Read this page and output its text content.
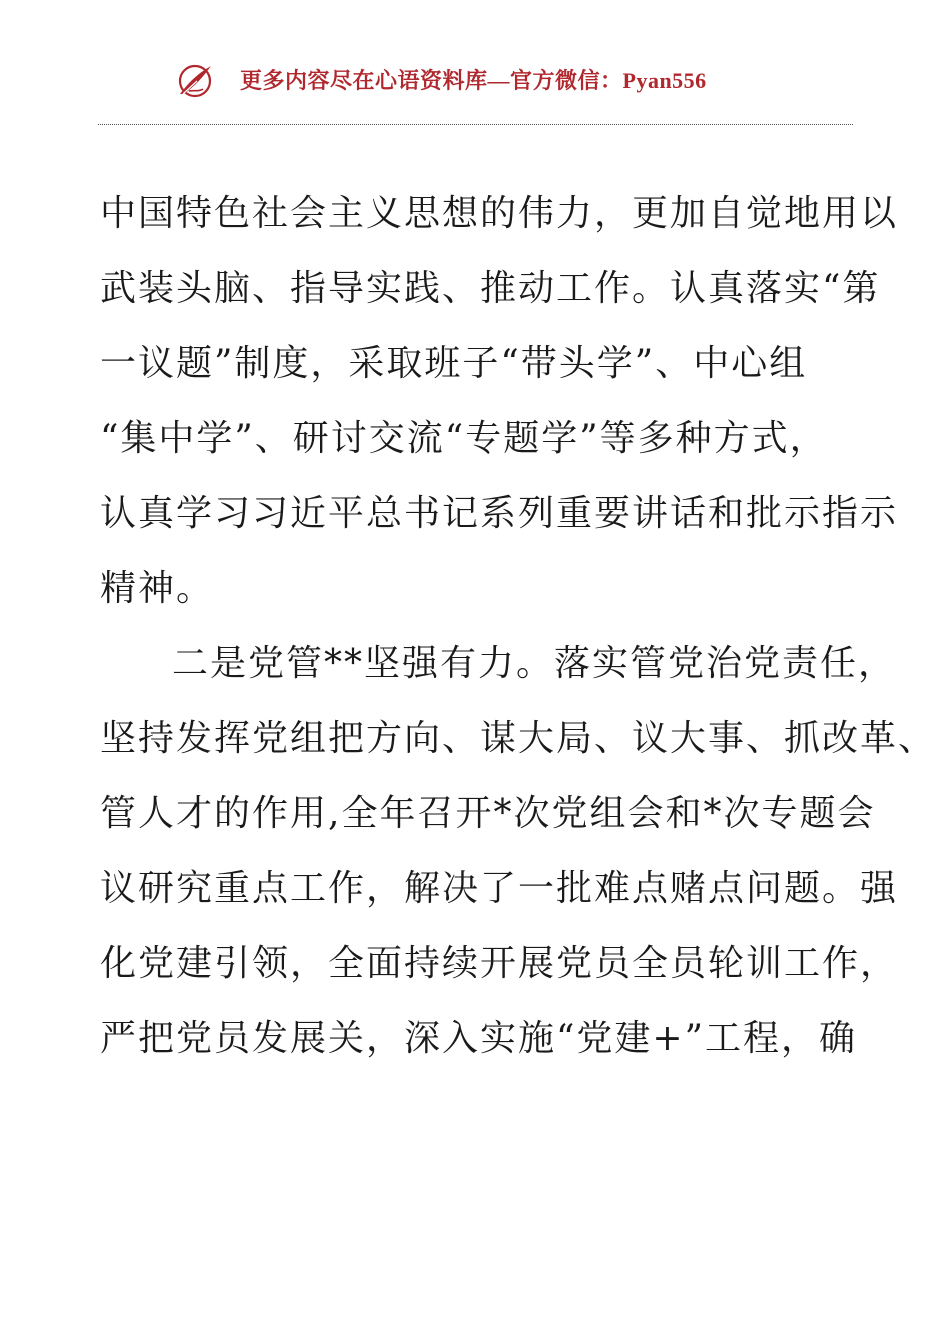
更多内容尽在心语资料库—官方微信：Pyan556
中国特色社会主义思想的伟力，更加自觉地用以
武装头脑、指导实践、推动工作。认真落实“第
一议题”制度，采取班子“带头学”、中心组
“集中学”、研讨交流“专题学”等多种方式，
认真学习习近平总书记系列重要讲话和批示指示
精神。
二是党管**坚强有力。落实管党治党责任，
坚持发挥党组把方向、谋大局、议大事、抓改革、
管人才的作用,全年召开*次党组会和*次专题会
议研究重点工作，解决了一批难点赌点问题。强
化党建引领，全面持续开展党员全员轮训工作，
严把党员发展关，深入实施“党建+”工程，确
